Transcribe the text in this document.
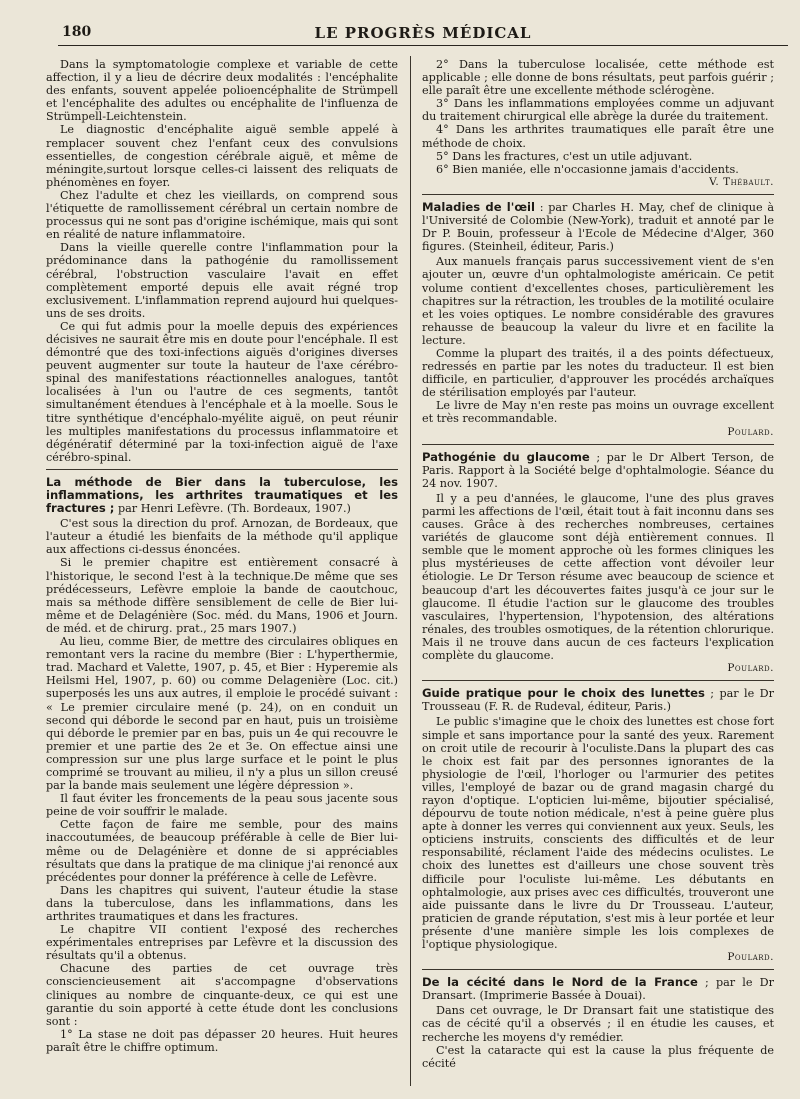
180	LE PROGRÈS MÉDICAL

Dans la symptomatologie complexe et variable de cette affection, il y a lieu de décrire deux modalités : l'encéphalite des enfants, souvent appelée polioencéphalite de Strümpell et l'encéphalite des adultes ou encéphalite de l'influenza de Strümpell-Leichtenstein.

Le diagnostic d'encéphalite aiguë semble appelé à remplacer souvent chez l'enfant ceux des convulsions essentielles, de congestion cérébrale aiguë, et même de méningite,surtout lorsque celles-ci laissent des reliquats de phénomènes en foyer.

Chez l'adulte et chez les vieillards, on comprend sous l'étiquette de ramollissement cérébral un certain nombre de processus qui ne sont pas d'origine ischémique, mais qui sont en réalité de nature inflammatoire.

Dans la vieille querelle contre l'inflammation pour la prédominance dans la pathogénie du ramollissement cérébral, l'obstruction vasculaire l'avait en effet complètement emporté depuis elle avait régné trop exclusivement. L'inflammation reprend aujourd hui quelques-uns de ses droits.

Ce qui fut admis pour la moelle depuis des expériences décisives ne saurait être mis en doute pour l'encéphale. Il est démontré que des toxi-infections aiguës d'origines diverses peuvent augmenter sur toute la hauteur de l'axe cérébro-spinal des manifestations réactionnelles analogues, tantôt localisées à l'un ou l'autre de ces segments, tantôt simultanément étendues à l'encéphale et à la moelle. Sous le titre synthétique d'encéphalo-myélite aiguë, on peut réunir les multiples manifestations du processus inflammatoire et dégénératif déterminé par la toxi-infection aiguë de l'axe cérébro-spinal.

La méthode de Bier dans la tuberculose, les inflammations, les arthrites traumatiques et les fractures ; par Henri Lefèvre. (Th. Bordeaux, 1907.)

C'est sous la direction du prof. Arnozan, de Bordeaux, que l'auteur a étudié les bienfaits de la méthode qu'il applique aux affections ci-dessus énoncées.

Si le premier chapitre est entièrement consacré à l'historique, le second l'est à la technique.De même que ses prédécesseurs, Lefèvre emploie la bande de caoutchouc, mais sa méthode diffère sensiblement de celle de Bier lui-même et de Delagénière (Soc. méd. du Mans, 1906 et Journ. de méd. et de chirurg. prat., 25 mars 1907.)

Au lieu, comme Bier, de mettre des circulaires obliques en remontant vers la racine du membre (Bier : L'hyperthermie, trad. Machard et Valette, 1907, p. 45, et Bier : Hyperemie als Heilsmi Hel, 1907, p. 60) ou comme Delagenière (Loc. cit.) superposés les uns aux autres, il emploie le procédé suivant : « Le premier circulaire mené (p. 24), on en conduit un second qui déborde le second par en haut, puis un troisième qui déborde le premier par en bas, puis un 4e qui recouvre le premier et une partie des 2e et 3e. On effectue ainsi une compression sur une plus large surface et le point le plus comprimé se trouvant au milieu, il n'y a plus un sillon creusé par la bande mais seulement une légère dépression ».

Il faut éviter les froncements de la peau sous jacente sous peine de voir souffrir le malade.

Cette façon de faire me semble, pour des mains inaccoutumées, de beaucoup préférable à celle de Bier lui-même ou de Delagénière et donne de si appréciables résultats que dans la pratique de ma clinique j'ai renoncé aux précédentes pour donner la préférence à celle de Lefèvre.

Dans les chapitres qui suivent, l'auteur étudie la stase dans la tuberculose, dans les inflammations, dans les arthrites traumatiques et dans les fractures.

Le chapitre VII contient l'exposé des recherches expérimentales entreprises par Lefèvre et la discussion des résultats qu'il a obtenus.

Chacune des parties de cet ouvrage très consciencieusement ait s'accompagne d'observations cliniques au nombre de cinquante-deux, ce qui est une garantie du soin apporté à cette étude dont les conclusions sont :

1° La stase ne doit pas dépasser 20 heures. Huit heures paraît être le chiffre optimum.

2° Dans la tuberculose localisée, cette méthode est applicable ; elle donne de bons résultats, peut parfois guérir ; elle paraît être une excellente méthode sclérogène.

3° Dans les inflammations employées comme un adjuvant du traitement chirurgical elle abrège la durée du traitement.

4° Dans les arthrites traumatiques elle paraît être une méthode de choix.

5° Dans les fractures, c'est un utile adjuvant.

6° Bien maniée, elle n'occasionne jamais d'accidents.

V. Thébault.

Maladies de l'œil : par Charles H. May, chef de clinique à l'Université de Colombie (New-York), traduit et annoté par le Dr P. Bouin, professeur à l'Ecole de Médecine d'Alger, 360 figures. (Steinheil, éditeur, Paris.)

Aux manuels français parus successivement vient de s'en ajouter un, œuvre d'un ophtalmologiste américain. Ce petit volume contient d'excellentes choses, particulièrement les chapitres sur la rétraction, les troubles de la motilité oculaire et les voies optiques. Le nombre considérable des gravures rehausse de beaucoup la valeur du livre et en facilite la lecture.

Comme la plupart des traités, il a des points défectueux, redressés en partie par les notes du traducteur. Il est bien difficile, en particulier, d'approuver les procédés archaïques de stérilisation employés par l'auteur.

Le livre de May n'en reste pas moins un ouvrage excellent et très recommandable.

Poulard.

Pathogénie du glaucome ; par le Dr Albert Terson, de Paris. Rapport à la Société belge d'ophtalmologie. Séance du 24 nov. 1907.

Il y a peu d'années, le glaucome, l'une des plus graves parmi les affections de l'œil, était tout à fait inconnu dans ses causes. Grâce à des recherches nombreuses, certaines variétés de glaucome sont déjà entièrement connues. Il semble que le moment approche où les formes cliniques les plus mystérieuses de cette affection vont dévoiler leur étiologie. Le Dr Terson résume avec beaucoup de science et beaucoup d'art les découvertes faites jusqu'à ce jour sur le glaucome. Il étudie l'action sur le glaucome des troubles vasculaires, l'hypertension, l'hypotension, des altérations rénales, des troubles osmotiques, de la rétention chlorurique. Mais il ne trouve dans aucun de ces facteurs l'explication complète du glaucome.

Poulard.

Guide pratique pour le choix des lunettes ; par le Dr Trousseau (F. R. de Rudeval, éditeur, Paris.)

Le public s'imagine que le choix des lunettes est chose fort simple et sans importance pour la santé des yeux. Rarement on croit utile de recourir à l'oculiste.Dans la plupart des cas le choix est fait par des personnes ignorantes de la physiologie de l'œil, l'horloger ou l'armurier des petites villes, l'employé de bazar ou de grand magasin chargé du rayon d'optique. L'opticien lui-même, bijoutier spécialisé, dépourvu de toute notion médicale, n'est à peine guère plus apte à donner les verres qui conviennent aux yeux. Seuls, les opticiens instruits, conscients des difficultés et de leur responsabilité, réclament l'aide des médecins oculistes. Le choix des lunettes est d'ailleurs une chose souvent très difficile pour l'oculiste lui-même. Les débutants en ophtalmologie, aux prises avec ces difficultés, trouveront une aide puissante dans le livre du Dr Trousseau. L'auteur, praticien de grande réputation, s'est mis à leur portée et leur présente d'une manière simple les lois complexes de l'optique physiologique.

Poulard.

De la cécité dans le Nord de la France ; par le Dr Dransart. (Imprimerie Bassée à Douai).

Dans cet ouvrage, le Dr Dransart fait une statistique des cas de cécité qu'il a observés ; il en étudie les causes, et recherche les moyens d'y remédier.

C'est la cataracte qui est la cause la plus fréquente de cécité
